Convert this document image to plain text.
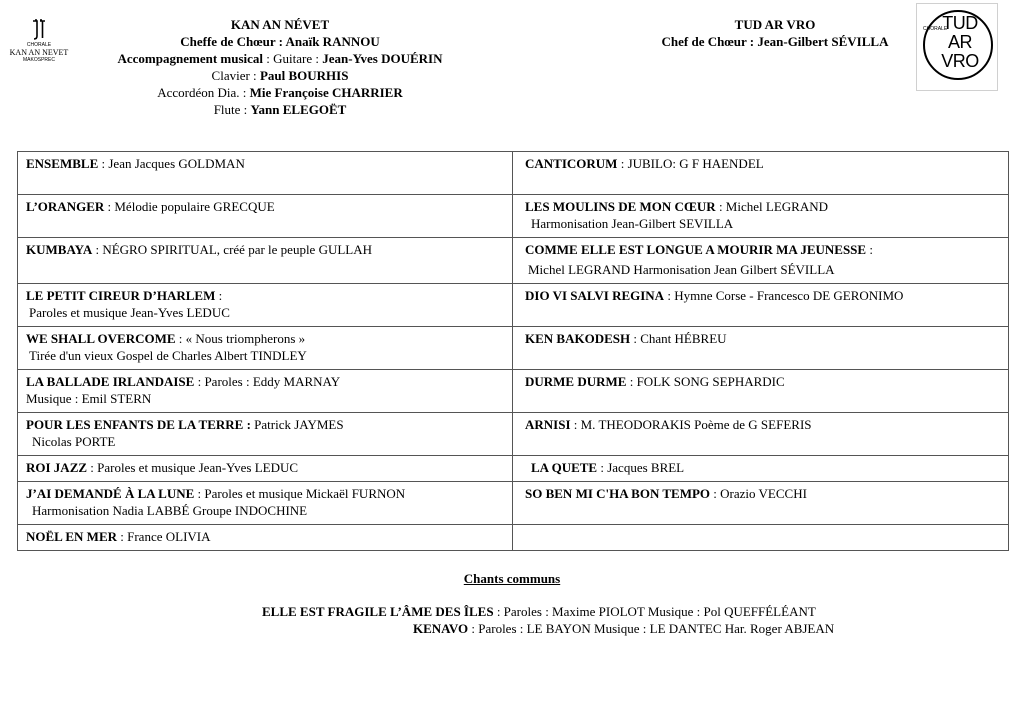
CHORALE
KAN AN NEVET
MAKOSPREC
KAN AN NÉVET
Cheffe de Chœur : Anaïk RANNOU
Accompagnement musical : Guitare : Jean-Yves DOUÉRIN
Clavier : Paul BOURHIS
Accordéon Dia. : Mie Françoise CHARRIER
Flute : Yann ELEGOËT
TUD AR VRO
Chef de Chœur : Jean-Gilbert SÉVILLA
CHORALE
TUD
AR
VRO
ENSEMBLE : Jean Jacques GOLDMAN	CANTICORUM : JUBILO: G F HAENDEL
L’ORANGER : Mélodie populaire GRECQUE	LES MOULINS DE MON CŒUR : Michel LEGRAND
Harmonisation Jean-Gilbert SEVILLA

KUMBAYA : NÉGRO SPIRITUAL, créé par le peuple GULLAH	COMME ELLE EST LONGUE A MOURIR MA JEUNESSE :
Michel LEGRAND Harmonisation Jean Gilbert SÉVILLA

LE PETIT CIREUR D’HARLEM :
Paroles et musique Jean-Yves LEDUC	DIO VI SALVI REGINA : Hymne Corse - Francesco DE GERONIMO
WE SHALL OVERCOME : « Nous triompherons »
Tirée d'un vieux Gospel de Charles Albert TINDLEY	KEN BAKODESH : Chant HÉBREU
LA BALLADE IRLANDAISE : Paroles : Eddy MARNAY
Musique : Emil STERN	DURME DURME : FOLK SONG SEPHARDIC
POUR LES ENFANTS DE LA TERRE : Patrick JAYMES
Nicolas PORTE	ARNISI : M. THEODORAKIS Poème de G SEFERIS
ROI JAZZ : Paroles et musique Jean-Yves LEDUC	LA QUETE : Jacques BREL
J’AI DEMANDÉ À LA LUNE : Paroles et musique Mickaël FURNON
Harmonisation Nadia LABBÉ Groupe INDOCHINE	SO BEN MI C'HA BON TEMPO : Orazio VECCHI
NOËL EN MER : France OLIVIA	
Chants communs
ELLE EST FRAGILE L’ÂME DES ÎLES : Paroles : Maxime PIOLOT Musique : Pol QUEFFÉLÉANT
KENAVO : Paroles : LE BAYON Musique : LE DANTEC Har. Roger ABJEAN
